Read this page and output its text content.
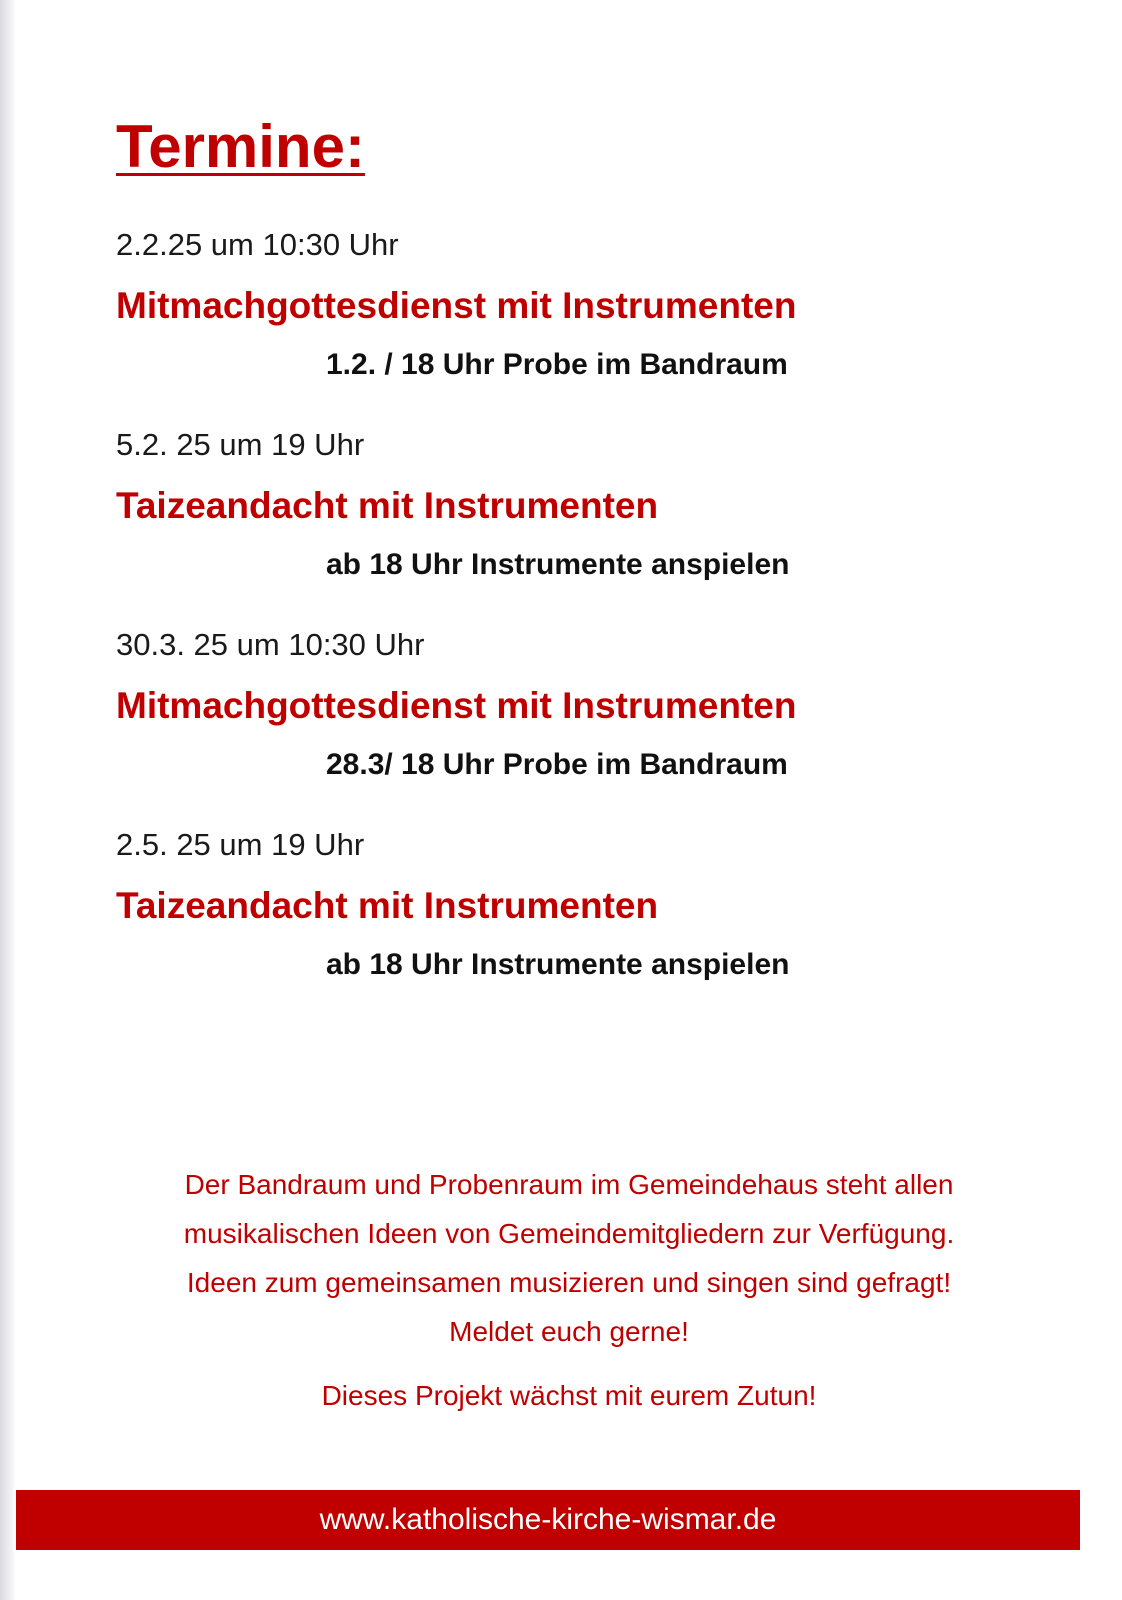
Termine:
2.2.25 um 10:30 Uhr
Mitmachgottesdienst mit Instrumenten
1.2. / 18 Uhr Probe im Bandraum
5.2. 25 um 19 Uhr
Taizeandacht mit Instrumenten
ab 18 Uhr Instrumente anspielen
30.3. 25 um 10:30 Uhr
Mitmachgottesdienst mit Instrumenten
28.3/ 18 Uhr Probe im Bandraum
2.5. 25 um 19 Uhr
Taizeandacht mit Instrumenten
ab 18 Uhr Instrumente anspielen
Der Bandraum und Probenraum im Gemeindehaus steht allen
musikalischen Ideen von Gemeindemitgliedern zur Verfügung.
Ideen zum gemeinsamen musizieren und singen sind gefragt!
Meldet euch gerne!
Dieses Projekt wächst mit eurem Zutun!
www.katholische-kirche-wismar.de
